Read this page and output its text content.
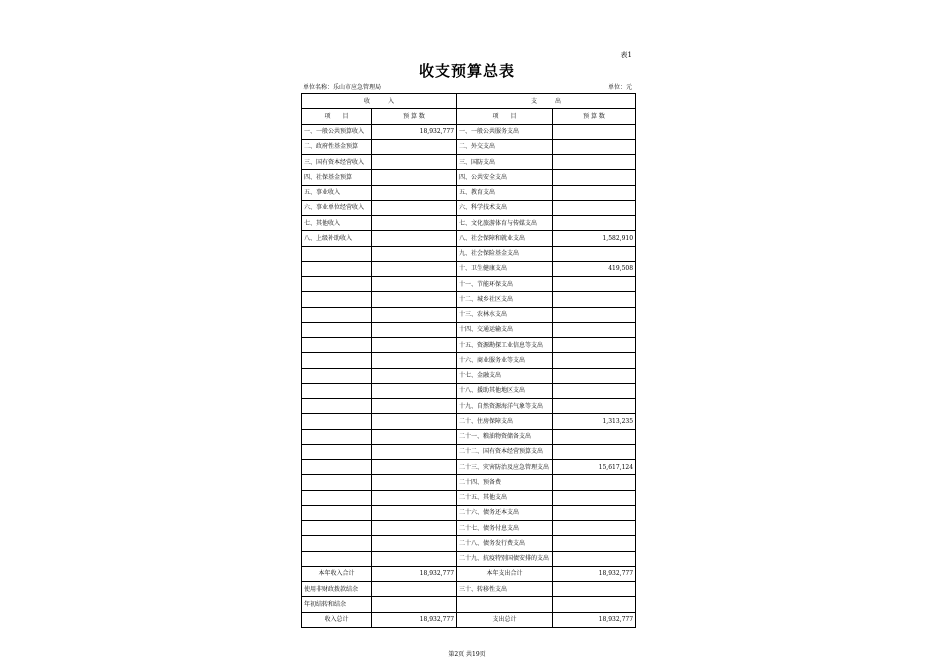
表1
收支预算总表
单位名称：乐山市应急管理局	单位：元
收　　　入		支　　　出	
项　　目	预 算 数	项　　目	预 算 数
一、一般公共预算收入	18,932,777	一、一般公共服务支出	
二、政府性基金预算		二、外交支出	
三、国有资本经营收入		三、国防支出	
四、社保基金预算		四、公共安全支出	
五、事业收入		五、教育支出	
六、事业单位经营收入		六、科学技术支出	
七、其他收入		七、文化旅游体育与传媒支出	
八、上级补助收入		八、社会保障和就业支出	1,582,910
		九、社会保险基金支出	
		十、卫生健康支出	419,508
		十一、节能环保支出	
		十二、城乡社区支出	
		十三、农林水支出	
		十四、交通运输支出	
		十五、资源勘探工业信息等支出	
		十六、商业服务业等支出	
		十七、金融支出	
		十八、援助其他地区支出	
		十九、自然资源海洋气象等支出	
		二十、住房保障支出	1,313,235
		二十一、粮油物资储备支出	
		二十二、国有资本经营预算支出	
		二十三、灾害防治及应急管理支出	15,617,124
		二十四、预备费	
		二十五、其他支出	
		二十六、债务还本支出	
		二十七、债务付息支出	
		二十八、债务发行费支出	
		二十九、抗疫特别国债安排的支出	
本年收入合计	18,932,777	本年支出合计	18,932,777
使用非财政拨款结余		三十、转移性支出	
年初结转和结余			
收入总计	18,932,777	支出总计	18,932,777
第2页 共19页
